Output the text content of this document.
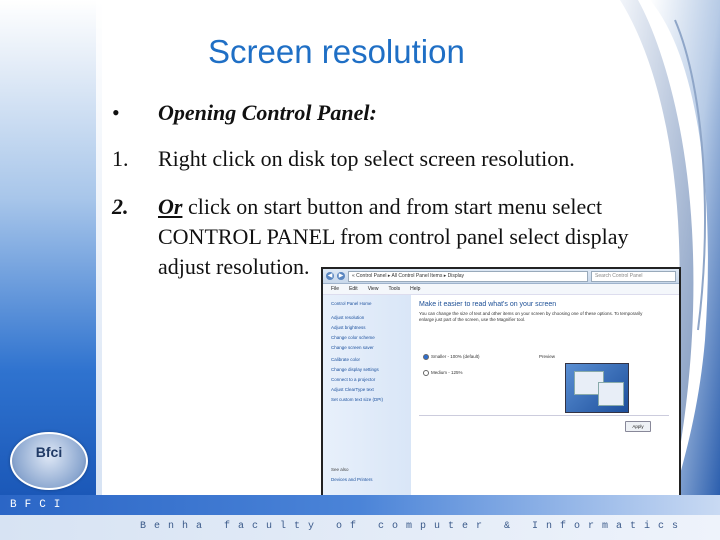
Screen resolution
•	Opening Control Panel:
1.	Right click on disk top select screen resolution.
2.	Or click on start button and from start menu select
CONTROL PANEL from control panel select display
adjust resolution.	◀ ▶	« Control Panel ▸ All Control Panel Items ▸ Display	Search Control Panel
File Edit View Tools Help
Control Panel Home
Adjust resolution
Adjust brightness
Change color scheme
Change screen saver
Calibrate color
Change display settings
Connect to a projector
Adjust ClearType text
Set custom text size (DPI)
See also
Devices and Printers
Make it easier to read what's on your screen
You can change the size of text and other items on your screen by choosing one of these options. To temporarily enlarge just part of the screen, use the Magnifier tool.
Smaller - 100% (default)
Medium - 125%
Preview
Apply
Bfci
BFCI
Benha faculty of computer & Informatics
